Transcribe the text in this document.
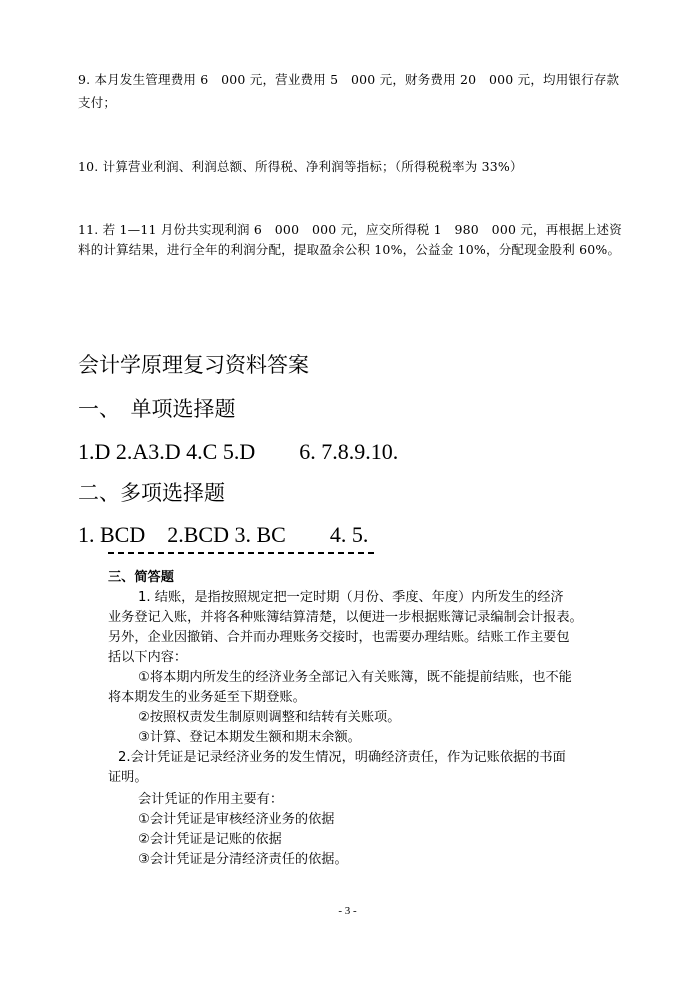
9. 本月发生管理费用 6　000 元，营业费用 5　000 元，财务费用 20　000 元，均用银行存款
支付；
10. 计算营业利润、利润总额、所得税、净利润等指标；（所得税税率为 33%）
11. 若 1—11 月份共实现利润 6　000　000 元，应交所得税 1　980　000 元，再根据上述资
料的计算结果，进行全年的利润分配，提取盈余公积 10%，公益金 10%，分配现金股利 60%。
会计学原理复习资料答案
一、　单项选择题
1.D 2.A3.D 4.C 5.D　　6. 7.8.9.10.
二、多项选择题
1. BCD　2.BCD 3. BC　　4. 5.
三、简答题
1. 结账，是指按照规定把一定时期（月份、季度、年度）内所发生的经济
业务登记入账，并将各种账簿结算清楚，以便进一步根据账簿记录编制会计报表。
另外，企业因撤销、合并而办理账务交接时，也需要办理结账。结账工作主要包
括以下内容：
①将本期内所发生的经济业务全部记入有关账簿，既不能提前结账，也不能
将本期发生的业务延至下期登账。
②按照权责发生制原则调整和结转有关账项。
③计算、登记本期发生额和期末余额。
2.会计凭证是记录经济业务的发生情况，明确经济责任，作为记账依据的书面
证明。
会计凭证的作用主要有：
①会计凭证是审核经济业务的依据
②会计凭证是记账的依据
③会计凭证是分清经济责任的依据。
- 3 -
